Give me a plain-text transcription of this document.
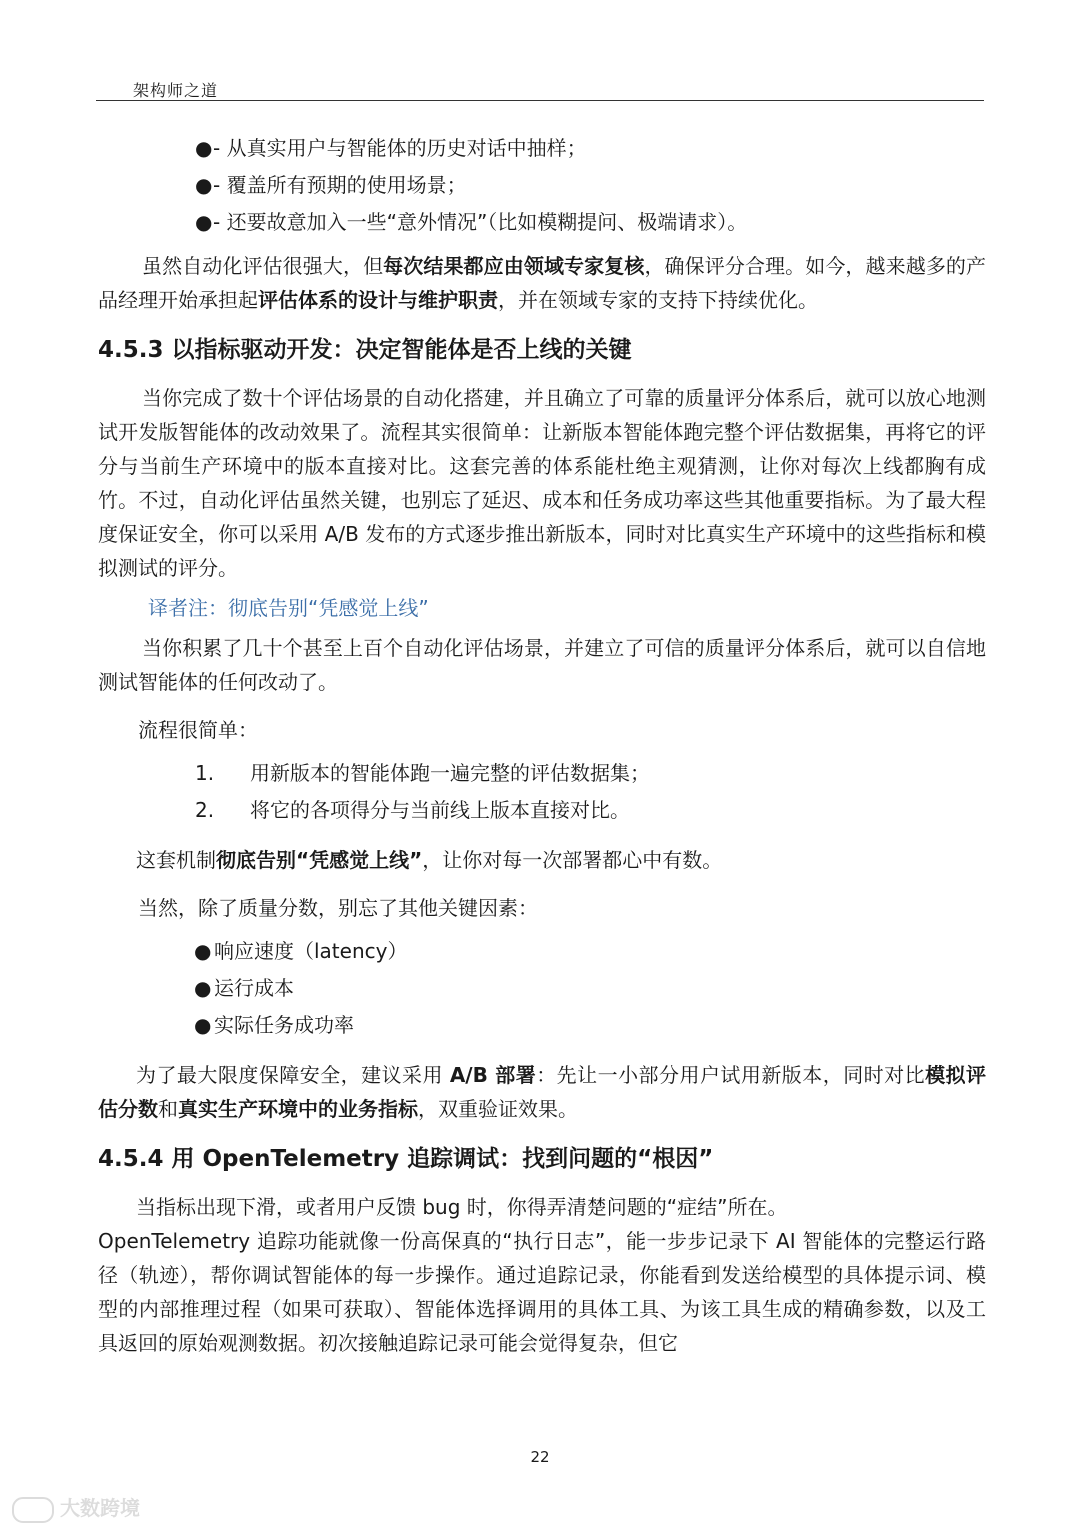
架构师之道
● - 从真实用户与智能体的历史对话中抽样；
● - 覆盖所有预期的使用场景；
● - 还要故意加入一些“意外情况”（比如模糊提问、极端请求）。
虽然自动化评估很强大，但每次结果都应由领域专家复核，确保评分合理。如今，越来越多的产品经理开始承担起评估体系的设计与维护职责，并在领域专家的支持下持续优化。
4.5.3 以指标驱动开发：决定智能体是否上线的关键
当你完成了数十个评估场景的自动化搭建，并且确立了可靠的质量评分体系后，就可以放心地测试开发版智能体的改动效果了。流程其实很简单：让新版本智能体跑完整个评估数据集，再将它的评分与当前生产环境中的版本直接对比。这套完善的体系能杜绝主观猜测，让你对每次上线都胸有成竹。不过，自动化评估虽然关键，也别忘了延迟、成本和任务成功率这些其他重要指标。为了最大程度保证安全，你可以采用 A/B 发布的方式逐步推出新版本，同时对比真实生产环境中的这些指标和模拟测试的评分。
译者注：彻底告别“凭感觉上线”
当你积累了几十个甚至上百个自动化评估场景，并建立了可信的质量评分体系后，就可以自信地测试智能体的任何改动了。
流程很简单：
1. 用新版本的智能体跑一遍完整的评估数据集；
2. 将它的各项得分与当前线上版本直接对比。
这套机制彻底告别“凭感觉上线”，让你对每一次部署都心中有数。
当然，除了质量分数，别忘了其他关键因素：
● 响应速度（latency）
● 运行成本
● 实际任务成功率
为了最大限度保障安全，建议采用 A/B 部署：先让一小部分用户试用新版本，同时对比模拟评估分数和真实生产环境中的业务指标，双重验证效果。
4.5.4 用 OpenTelemetry 追踪调试：找到问题的“根因”
当指标出现下滑，或者用户反馈 bug 时，你得弄清楚问题的“症结”所在。
OpenTelemetry 追踪功能就像一份高保真的“执行日志”，能一步步记录下 AI 智能体的完整运行路径（轨迹），帮你调试智能体的每一步操作。通过追踪记录，你能看到发送给模型的具体提示词、模型的内部推理过程（如果可获取）、智能体选择调用的具体工具、为该工具生成的精确参数，以及工具返回的原始观测数据。初次接触追踪记录可能会觉得复杂，但它
22
大数跨境
